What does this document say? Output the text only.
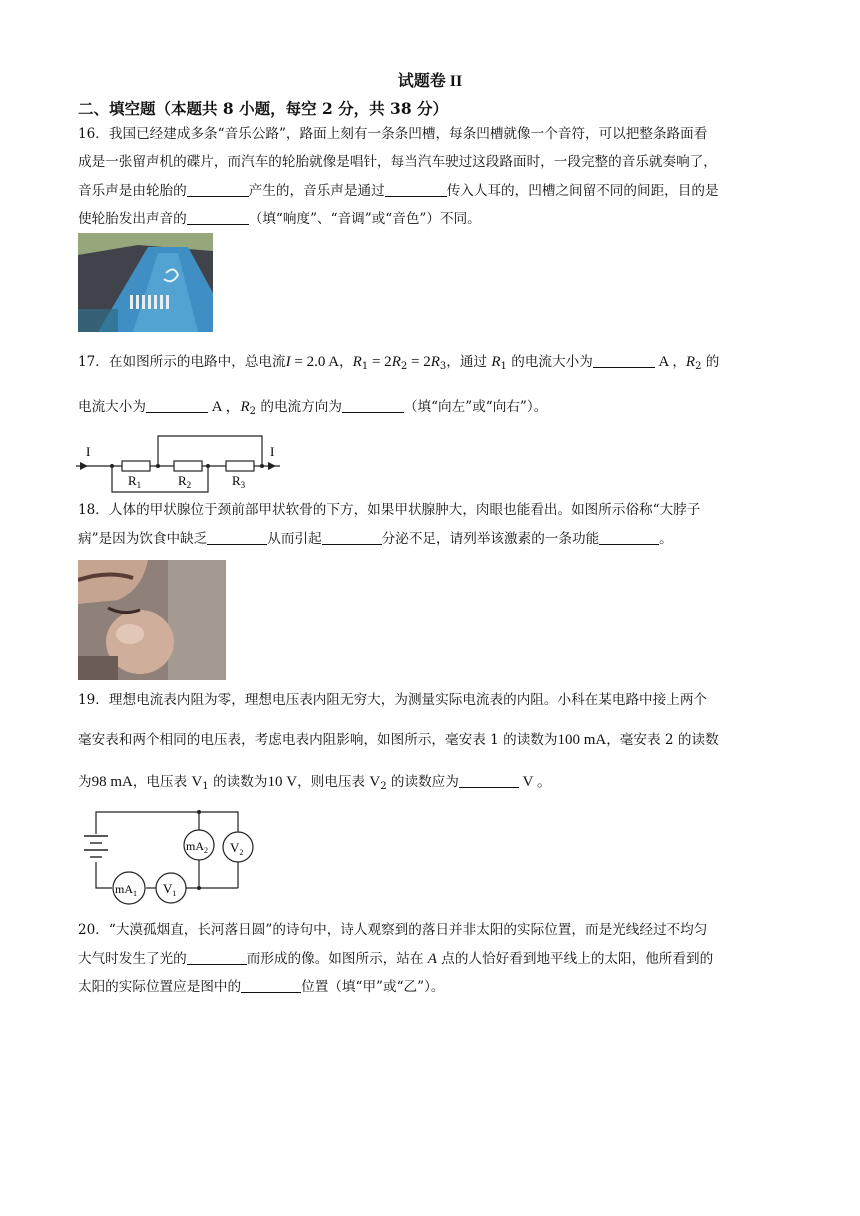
试题卷 II
二、填空题（本题共 8 小题，每空 2 分，共 38 分）
16．我国已经建成多条“音乐公路”，路面上刻有一条条凹槽，每条凹槽就像一个音符，可以把整条路面看
成是一张留声机的碟片，而汽车的轮胎就像是唱针，每当汽车驶过这段路面时，一段完整的音乐就奏响了，
音乐声是由轮胎的	产生的，音乐声是通过	传入人耳的，凹槽之间留不同的间距，目的是
使轮胎发出声音的	（填“响度”、“音调”或“音色”）不同。
17．在如图所示的电路中，总电流I = 2.0 A，$R_1 = 2R_2 = 2R_3$，通过 $R_1$ 的电流大小为	A ，$R_2$ 的
电流大小为	A ，$R_2$ 的电流方向为	（填“向左”或“向右”）。
I	I
$R_1$	$R_2$	$R_3$
18．人体的甲状腺位于颈前部甲状软骨的下方，如果甲状腺肿大，肉眼也能看出。如图所示俗称“大脖子
病”是因为饮食中缺乏	从而引起	分泌不足，请列举该激素的一条功能	。
19．理想电流表内阻为零，理想电压表内阻无穷大，为测量实际电流表的内阻。小科在某电路中接上两个
毫安表和两个相同的电压表，考虑电表内阻影响，如图所示，毫安表 1 的读数为100 mA，毫安表 2 的读数
为98 mA，电压表 $V_1$ 的读数为10 V，则电压表 $V_2$ 的读数应为	V 。
$mA_2$ $V_2$
$mA_1$ $V_1$
20．“大漠孤烟直，长河落日圆”的诗句中，诗人观察到的落日并非太阳的实际位置，而是光线经过不均匀
大气时发生了光的	而形成的像。如图所示，站在 A 点的人恰好看到地平线上的太阳，他所看到的
太阳的实际位置应是图中的	位置（填“甲”或“乙”）。
